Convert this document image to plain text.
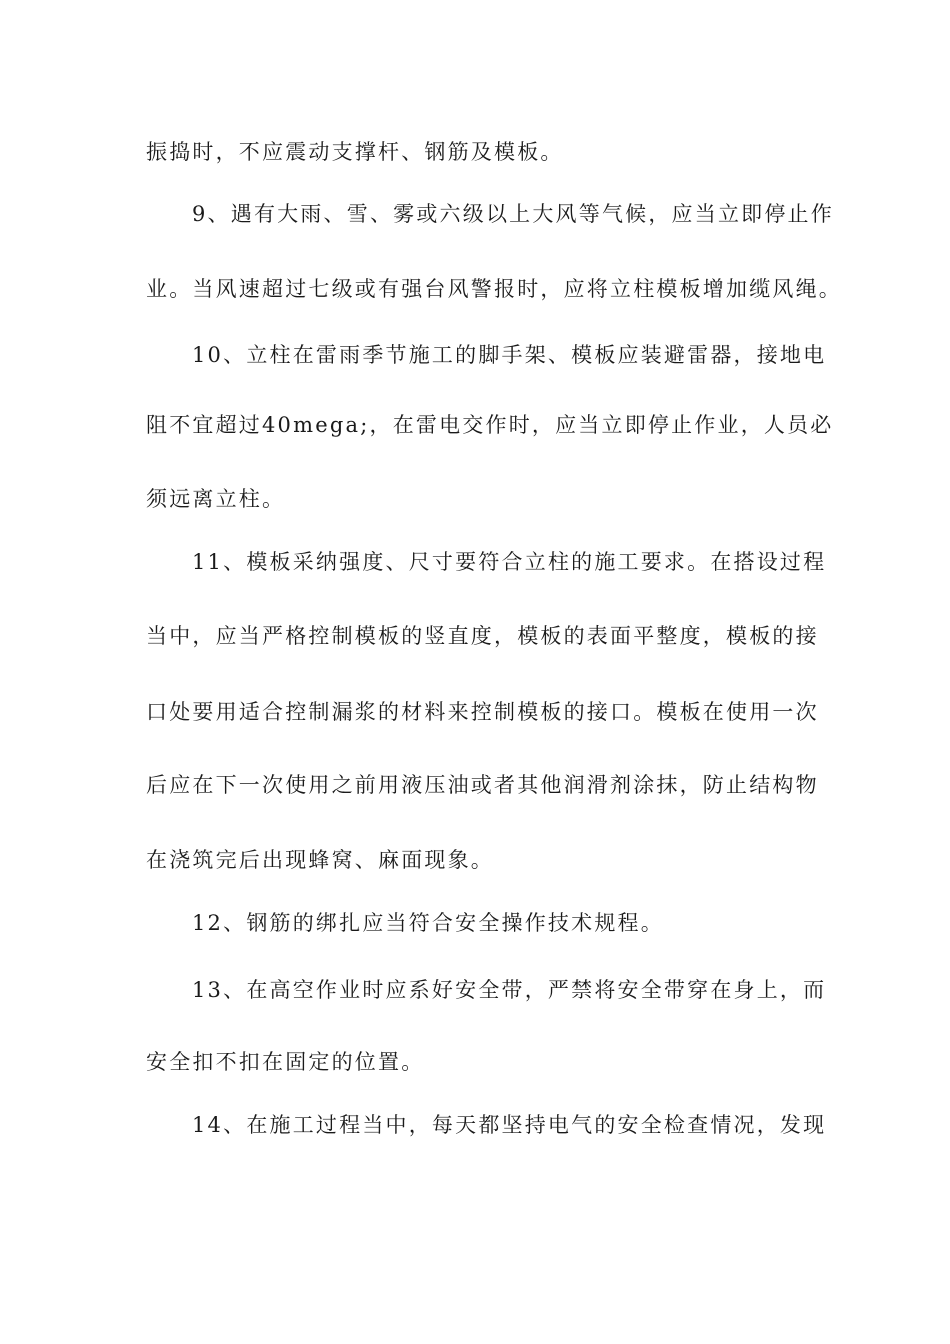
振捣时，不应震动支撑杆、钢筋及模板。
9、遇有大雨、雪、雾或六级以上大风等气候，应当立即停止作
业。当风速超过七级或有强台风警报时，应将立柱模板增加缆风绳。
10、立柱在雷雨季节施工的脚手架、模板应装避雷器，接地电
阻不宜超过40mega;，在雷电交作时，应当立即停止作业，人员必
须远离立柱。
11、模板采纳强度、尺寸要符合立柱的施工要求。在搭设过程
当中，应当严格控制模板的竖直度，模板的表面平整度，模板的接
口处要用适合控制漏浆的材料来控制模板的接口。模板在使用一次
后应在下一次使用之前用液压油或者其他润滑剂涂抹，防止结构物
在浇筑完后出现蜂窝、麻面现象。
12、钢筋的绑扎应当符合安全操作技术规程。
13、在高空作业时应系好安全带，严禁将安全带穿在身上，而
安全扣不扣在固定的位置。
14、在施工过程当中，每天都坚持电气的安全检查情况，发现
